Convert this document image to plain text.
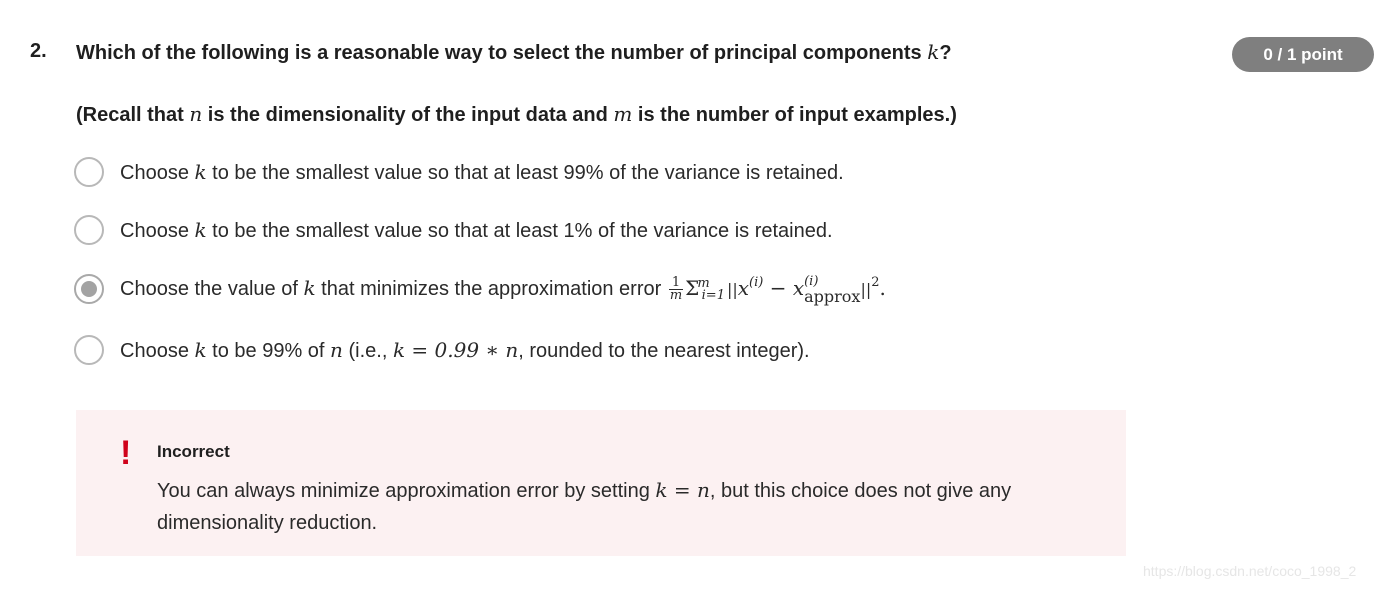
2. Which of the following is a reasonable way to select the number of principal components k?	0 / 1 point
(Recall that n is the dimensionality of the input data and m is the number of input examples.)
Choose k to be the smallest value so that at least 99% of the variance is retained.
Choose k to be the smallest value so that at least 1% of the variance is retained.
Choose the value of k that minimizes the approximation error $\frac{1}{m} \Sigma^m_{i=1}$ $||x^{(i)} - x$ (i)
approx $||^2$.
Choose k to be 99% of n (i.e., k = 0.99 ∗ n, rounded to the nearest integer).
! Incorrect
You can always minimize approximation error by setting k = n, but this choice does not give any dimensionality reduction.
https://blog.csdn.net/coco_1998_2
